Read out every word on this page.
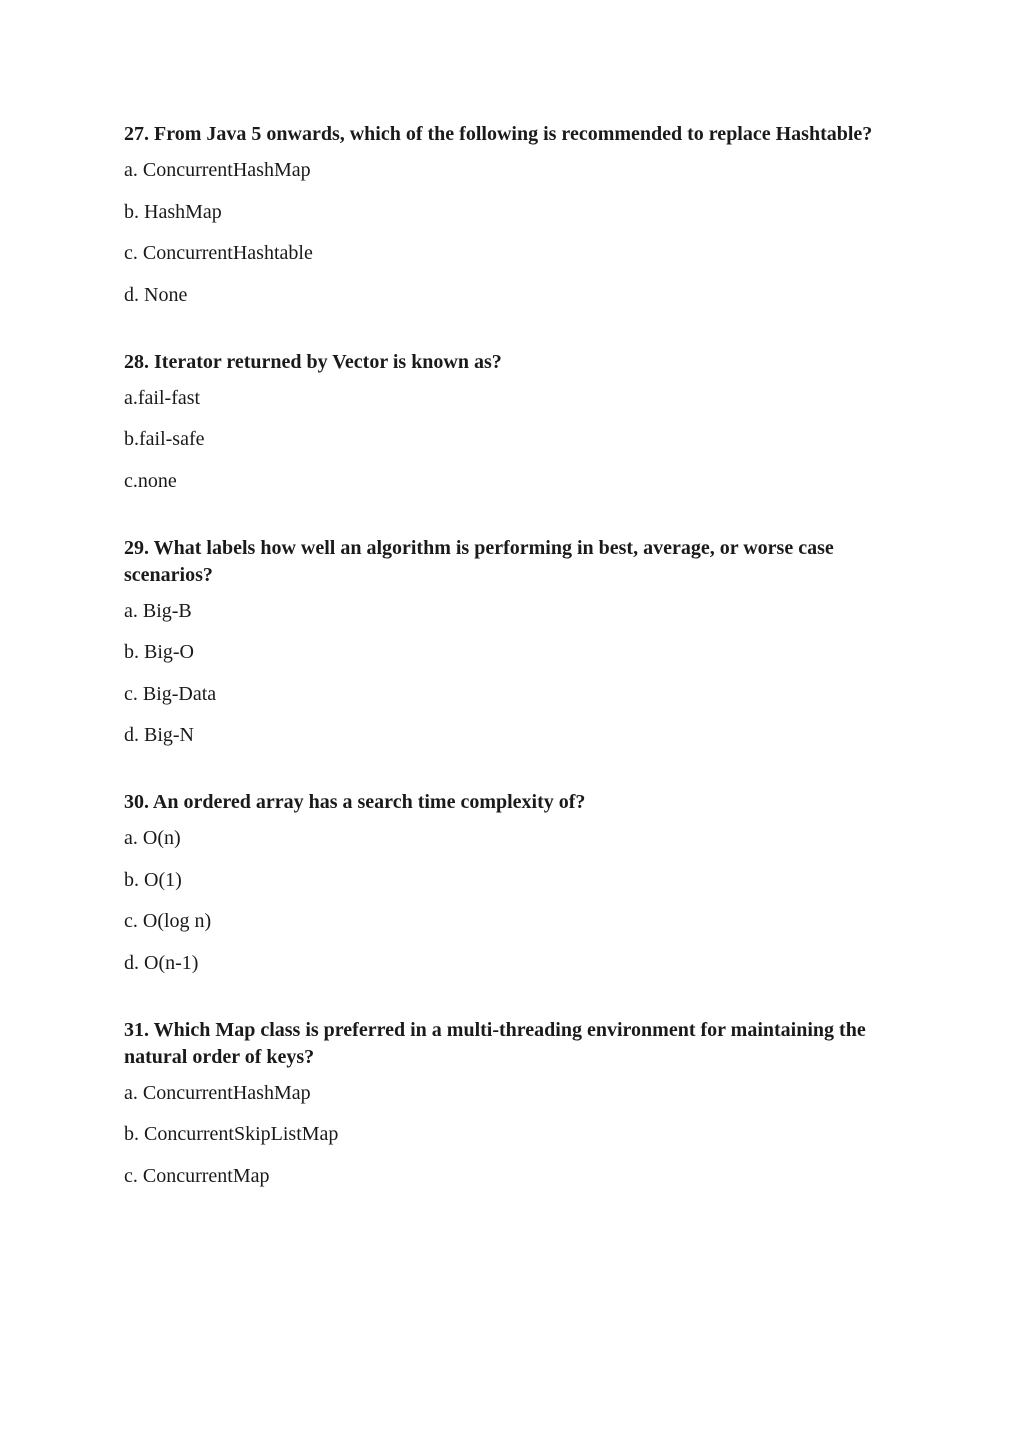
27. From Java 5 onwards, which of the following is recommended to replace Hashtable?

a. ConcurrentHashMap
b. HashMap
c. ConcurrentHashtable
d. None

28. Iterator returned by Vector is known as?

a.fail-fast
b.fail-safe
c.none

29. What labels how well an algorithm is performing in best, average, or worse case scenarios?

a. Big-B
b. Big-O
c. Big-Data
d. Big-N

30. An ordered array has a search time complexity of?

a. O(n)
b. O(1)
c. O(log n)
d. O(n-1)

31. Which Map class is preferred in a multi-threading environment for maintaining the natural order of keys?

a. ConcurrentHashMap
b. ConcurrentSkipListMap
c. ConcurrentMap
